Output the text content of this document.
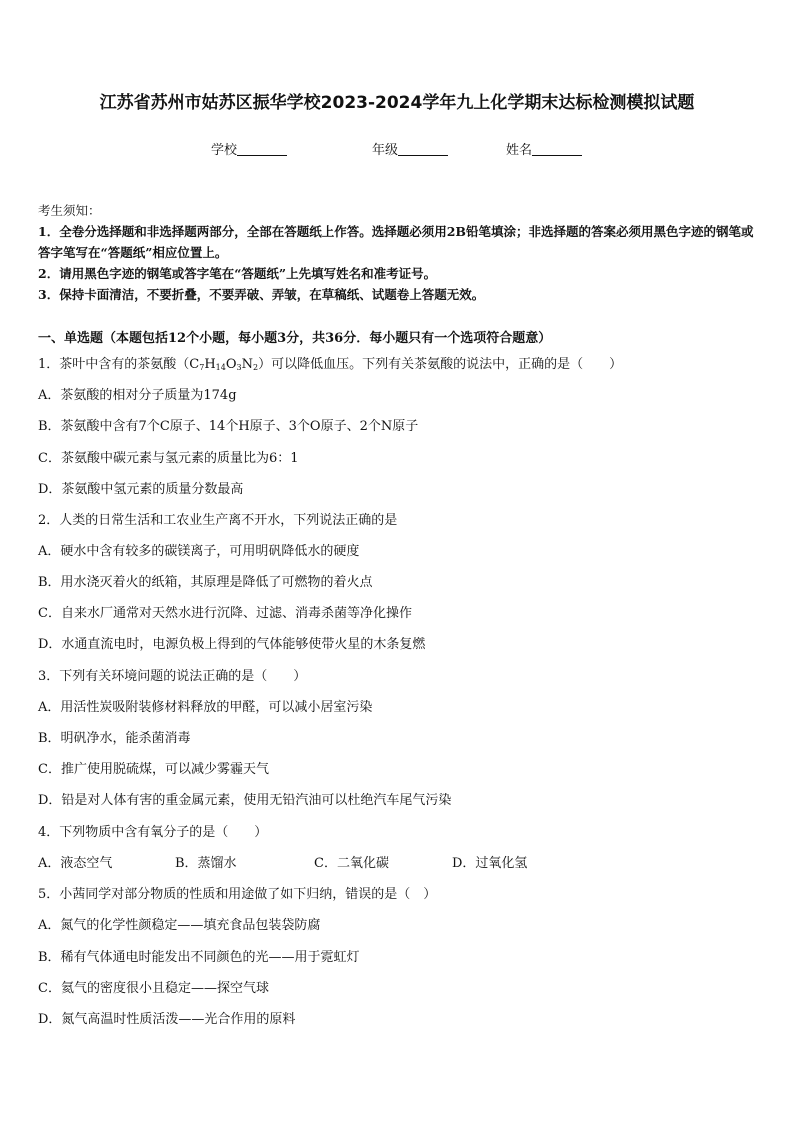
江苏省苏州市姑苏区振华学校2023-2024学年九上化学期末达标检测模拟试题
学校	年级	姓名
考生须知：
1．全卷分选择题和非选择题两部分，全部在答题纸上作答。选择题必须用2B铅笔填涂；非选择题的答案必须用黑色字迹的钢笔或答字笔写在“答题纸”相应位置上。
2．请用黑色字迹的钢笔或答字笔在“答题纸”上先填写姓名和准考证号。
3．保持卡面清洁，不要折叠，不要弄破、弄皱，在草稿纸、试题卷上答题无效。
一、单选题（本题包括12个小题，每小题3分，共36分．每小题只有一个选项符合题意）
1．茶叶中含有的茶氨酸$(C_7H_{14}O_3N_2)$可以降低血压。下列有关茶氨酸的说法中，正确的是（　　）
A．茶氨酸的相对分子质量为174g
B．茶氨酸中含有7个C原子、14个H原子、3个O原子、2个N原子
C．茶氨酸中碳元素与氢元素的质量比为6：1
D．茶氨酸中氢元素的质量分数最高
2．人类的日常生活和工农业生产离不开水，下列说法正确的是
A．硬水中含有较多的碳镁离子，可用明矾降低水的硬度
B．用水浇灭着火的纸箱，其原理是降低了可燃物的着火点
C．自来水厂通常对天然水进行沉降、过滤、消毒杀菌等净化操作
D．水通直流电时，电源负极上得到的气体能够使带火星的木条复燃
3．下列有关环境问题的说法正确的是（　　）
A．用活性炭吸附装修材料释放的甲醛，可以减小居室污染
B．明矾净水，能杀菌消毒
C．推广使用脱硫煤，可以减少雾霾天气
D．铅是对人体有害的重金属元素，使用无铅汽油可以杜绝汽车尾气污染
4．下列物质中含有氧分子的是（　　）
A．液态空气	B．蒸馏水	C．二氧化碳	D．过氧化氢
5．小茜同学对部分物质的性质和用途做了如下归纳，错误的是（　）
A．氮气的化学性颜稳定——填充食品包装袋防腐
B．稀有气体通电时能发出不同颜色的光——用于霓虹灯
C．氦气的密度很小且稳定——探空气球
D．氮气高温时性质活泼——光合作用的原料
